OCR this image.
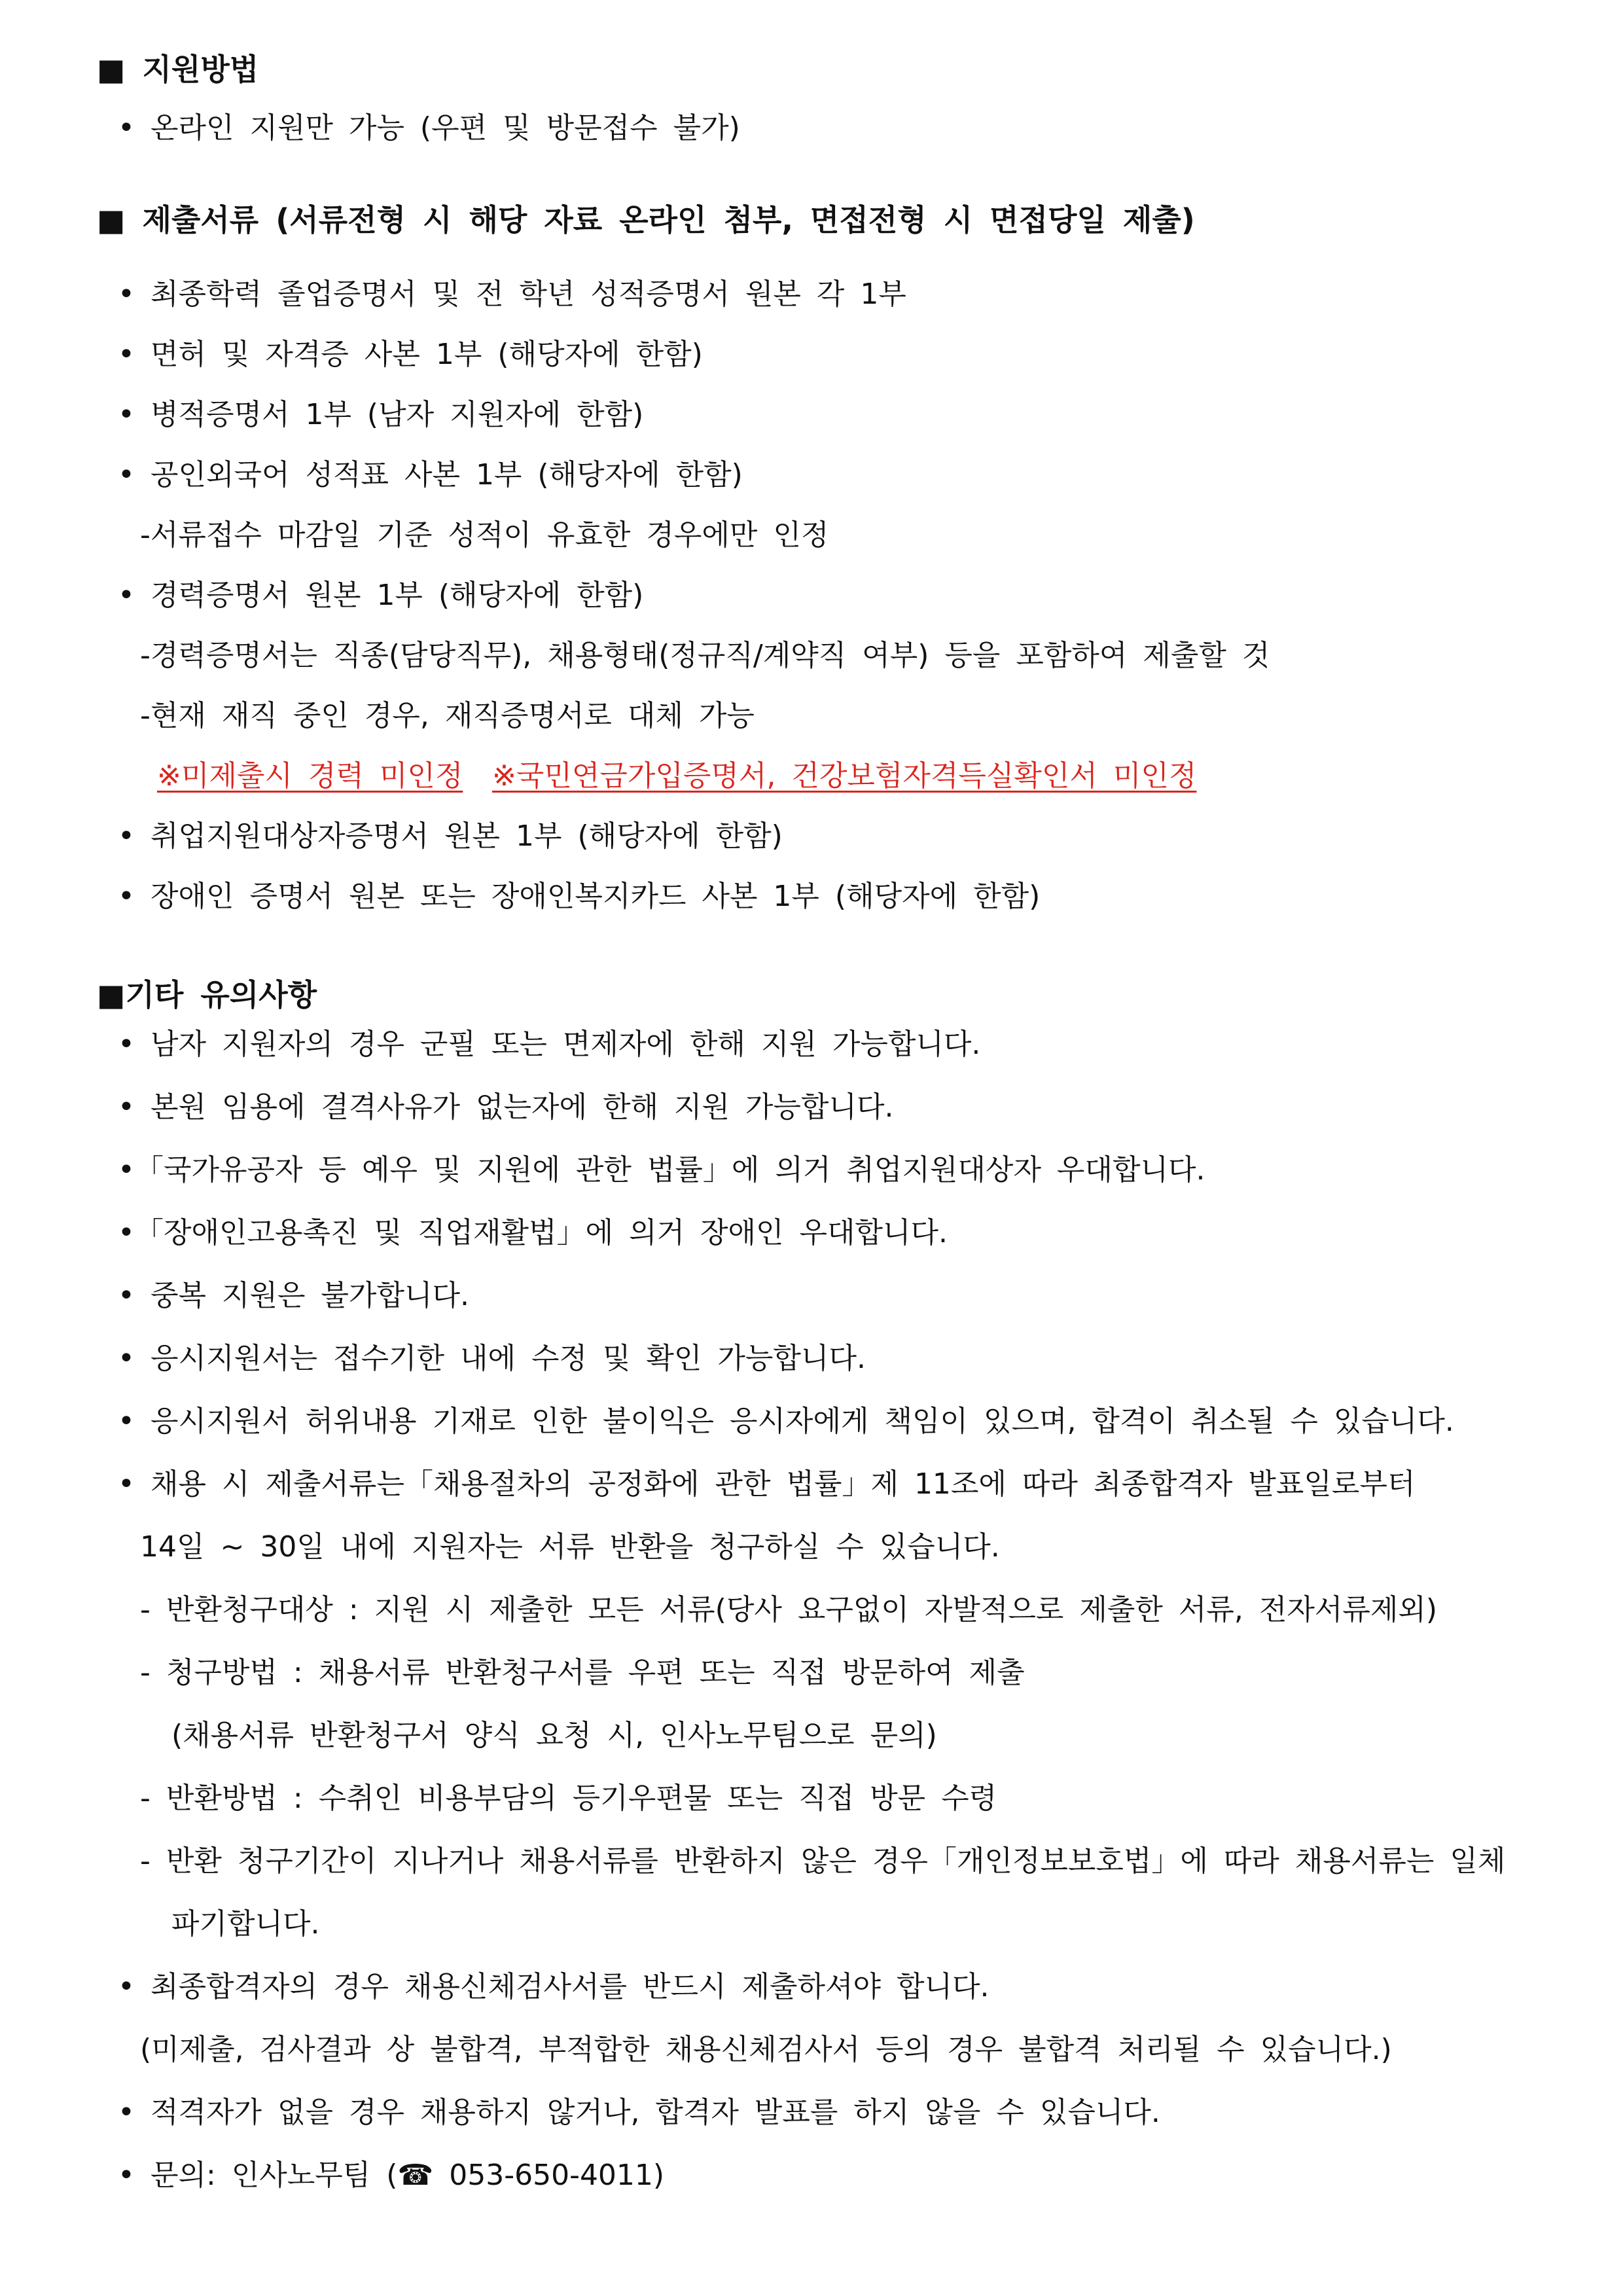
■ 지원방법
• 온라인 지원만 가능 (우편 및 방문접수 불가)
■ 제출서류 (서류전형 시 해당 자료 온라인 첨부, 면접전형 시 면접당일 제출)
• 최종학력 졸업증명서 및 전 학년 성적증명서 원본 각 1부
• 면허 및 자격증 사본 1부 (해당자에 한함)
• 병적증명서 1부 (남자 지원자에 한함)
• 공인외국어 성적표 사본 1부 (해당자에 한함)
-서류접수 마감일 기준 성적이 유효한 경우에만 인정
• 경력증명서 원본 1부 (해당자에 한함)
-경력증명서는 직종(담당직무), 채용형태(정규직/계약직 여부) 등을 포함하여 제출할 것
-현재 재직 중인 경우, 재직증명서로 대체 가능
※미제출시 경력 미인정 ※국민연금가입증명서, 건강보험자격득실확인서 미인정
• 취업지원대상자증명서 원본 1부 (해당자에 한함)
• 장애인 증명서 원본 또는 장애인복지카드 사본 1부 (해당자에 한함)
■기타 유의사항
• 남자 지원자의 경우 군필 또는 면제자에 한해 지원 가능합니다.
• 본원 임용에 결격사유가 없는자에 한해 지원 가능합니다.
•「국가유공자 등 예우 및 지원에 관한 법률」에 의거 취업지원대상자 우대합니다.
•「장애인고용촉진 및 직업재활법」에 의거 장애인 우대합니다.
• 중복 지원은 불가합니다.
• 응시지원서는 접수기한 내에 수정 및 확인 가능합니다.
• 응시지원서 허위내용 기재로 인한 불이익은 응시자에게 책임이 있으며, 합격이 취소될 수 있습니다.
• 채용 시 제출서류는「채용절차의 공정화에 관한 법률」제 11조에 따라 최종합격자 발표일로부터
14일 ~ 30일 내에 지원자는 서류 반환을 청구하실 수 있습니다.
- 반환청구대상 : 지원 시 제출한 모든 서류(당사 요구없이 자발적으로 제출한 서류, 전자서류제외)
- 청구방법 : 채용서류 반환청구서를 우편 또는 직접 방문하여 제출
(채용서류 반환청구서 양식 요청 시, 인사노무팀으로 문의)
- 반환방법 : 수취인 비용부담의 등기우편물 또는 직접 방문 수령
- 반환 청구기간이 지나거나 채용서류를 반환하지 않은 경우「개인정보보호법」에 따라 채용서류는 일체
파기합니다.
• 최종합격자의 경우 채용신체검사서를 반드시 제출하셔야 합니다.
(미제출, 검사결과 상 불합격, 부적합한 채용신체검사서 등의 경우 불합격 처리될 수 있습니다.)
• 적격자가 없을 경우 채용하지 않거나, 합격자 발표를 하지 않을 수 있습니다.
• 문의: 인사노무팀 (☎ 053-650-4011)
